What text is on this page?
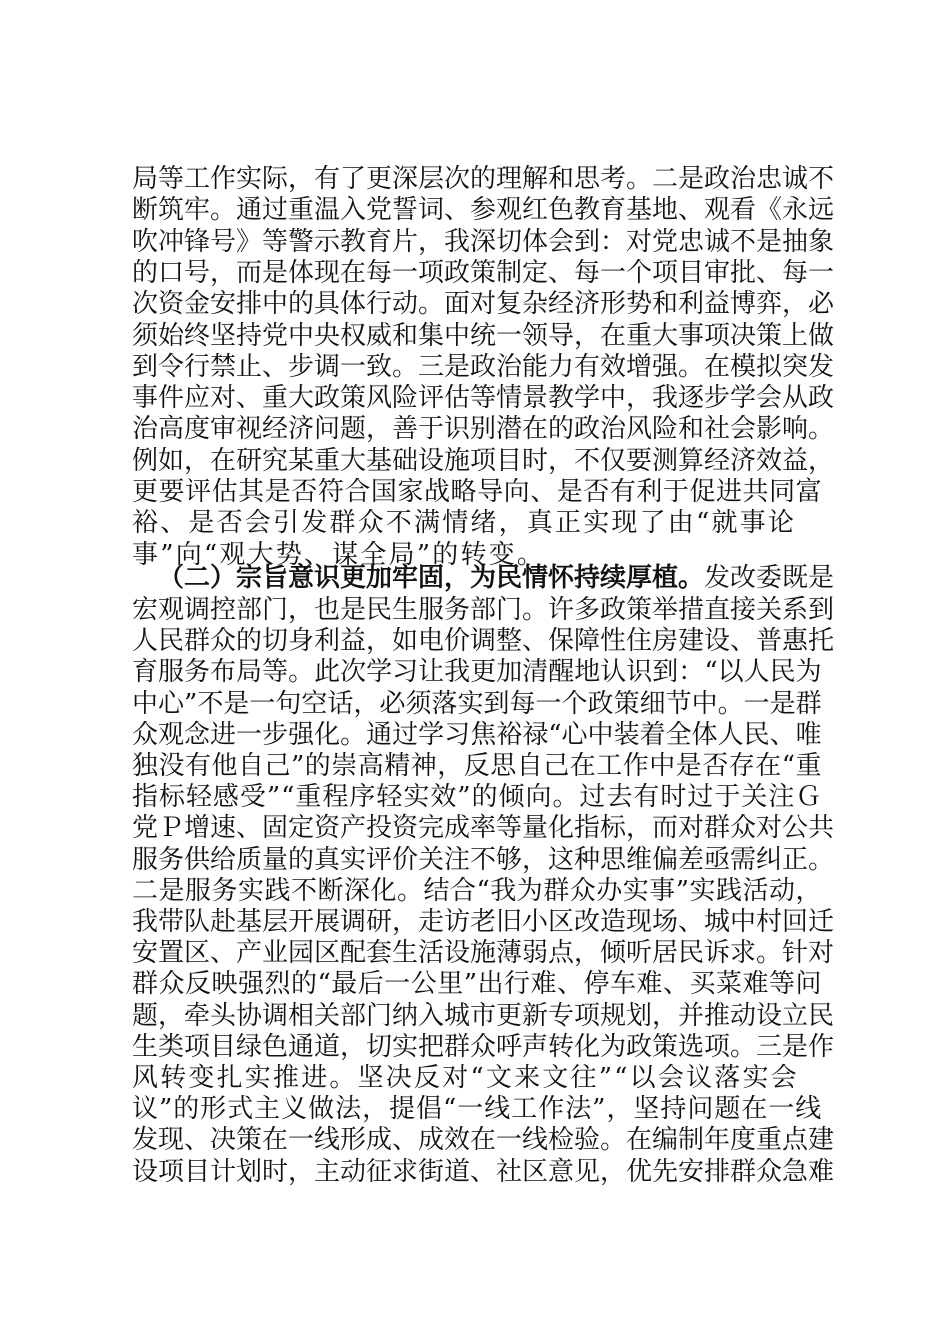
局等工作实际，有了更深层次的理解和思考。二是政治忠诚不
断筑牢。通过重温入党誓词、参观红色教育基地、观看《永远
吹冲锋号》等警示教育片，我深切体会到：对党忠诚不是抽象
的口号，而是体现在每一项政策制定、每一个项目审批、每一
次资金安排中的具体行动。面对复杂经济形势和利益博弈，必
须始终坚持党中央权威和集中统一领导，在重大事项决策上做
到令行禁止、步调一致。三是政治能力有效增强。在模拟突发
事件应对、重大政策风险评估等情景教学中，我逐步学会从政
治高度审视经济问题，善于识别潜在的政治风险和社会影响。
例如，在研究某重大基础设施项目时，不仅要测算经济效益，
更要评估其是否符合国家战略导向、是否有利于促进共同富
裕、是否会引发群众不满情绪，真正实现了由“就事论
事”向“观大势、谋全局”的转变。
（二）宗旨意识更加牢固，为民情怀持续厚植。发改委既是
宏观调控部门，也是民生服务部门。许多政策举措直接关系到
人民群众的切身利益，如电价调整、保障性住房建设、普惠托
育服务布局等。此次学习让我更加清醒地认识到：“以人民为
中心”不是一句空话，必须落实到每一个政策细节中。一是群
众观念进一步强化。通过学习焦裕禄“心中装着全体人民、唯
独没有他自己”的崇高精神，反思自己在工作中是否存在“重
指标轻感受”“重程序轻实效”的倾向。过去有时过于关注Ｇ
党Ｐ增速、固定资产投资完成率等量化指标，而对群众对公共
服务供给质量的真实评价关注不够，这种思维偏差亟需纠正。
二是服务实践不断深化。结合“我为群众办实事”实践活动，
我带队赴基层开展调研，走访老旧小区改造现场、城中村回迁
安置区、产业园区配套生活设施薄弱点，倾听居民诉求。针对
群众反映强烈的“最后一公里”出行难、停车难、买菜难等问
题，牵头协调相关部门纳入城市更新专项规划，并推动设立民
生类项目绿色通道，切实把群众呼声转化为政策选项。三是作
风转变扎实推进。坚决反对“文来文往”“以会议落实会
议”的形式主义做法，提倡“一线工作法”，坚持问题在一线
发现、决策在一线形成、成效在一线检验。在编制年度重点建
设项目计划时，主动征求街道、社区意见，优先安排群众急难
